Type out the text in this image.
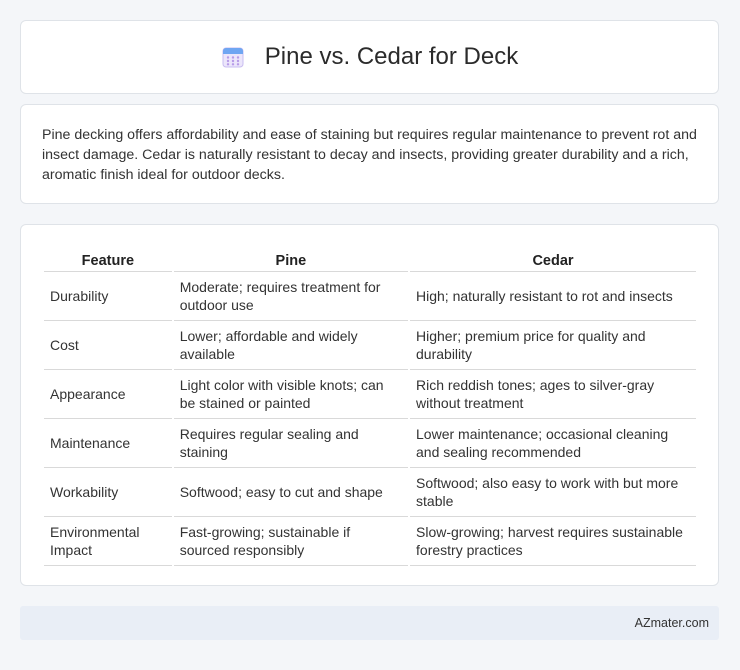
Pine vs. Cedar for Deck

Pine decking offers affordability and ease of staining but requires regular maintenance to prevent rot and insect damage. Cedar is naturally resistant to decay and insects, providing greater durability and a rich, aromatic finish ideal for outdoor decks.

Feature	Pine	Cedar
Durability	Moderate; requires treatment for outdoor use	High; naturally resistant to rot and insects
Cost	Lower; affordable and widely available	Higher; premium price for quality and durability
Appearance	Light color with visible knots; can be stained or painted	Rich reddish tones; ages to silver-gray without treatment
Maintenance	Requires regular sealing and staining	Lower maintenance; occasional cleaning and sealing recommended
Workability	Softwood; easy to cut and shape	Softwood; also easy to work with but more stable
Environmental Impact	Fast-growing; sustainable if sourced responsibly	Slow-growing; harvest requires sustainable forestry practices
AZmater.com
